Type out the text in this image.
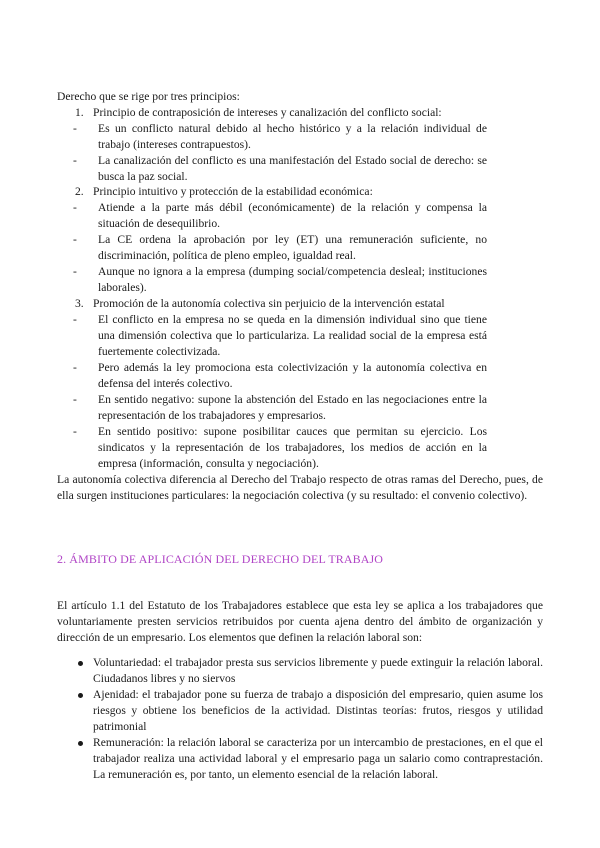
Derecho que se rige por tres principios:
1. Principio de contraposición de intereses y canalización del conflicto social:
- Es un conflicto natural debido al hecho histórico y a la relación individual de trabajo (intereses contrapuestos).
- La canalización del conflicto es una manifestación del Estado social de derecho: se busca la paz social.
2. Principio intuitivo y protección de la estabilidad económica:
- Atiende a la parte más débil (económicamente) de la relación y compensa la situación de desequilibrio.
- La CE ordena la aprobación por ley (ET) una remuneración suficiente, no discriminación, política de pleno empleo, igualdad real.
- Aunque no ignora a la empresa (dumping social/competencia desleal; instituciones laborales).
3. Promoción de la autonomía colectiva sin perjuicio de la intervención estatal
- El conflicto en la empresa no se queda en la dimensión individual sino que tiene una dimensión colectiva que lo particulariza. La realidad social de la empresa está fuertemente colectivizada.
- Pero además la ley promociona esta colectivización y la autonomía colectiva en defensa del interés colectivo.
- En sentido negativo: supone la abstención del Estado en las negociaciones entre la representación de los trabajadores y empresarios.
- En sentido positivo: supone posibilitar cauces que permitan su ejercicio. Los sindicatos y la representación de los trabajadores, los medios de acción en la empresa (información, consulta y negociación).
La autonomía colectiva diferencia al Derecho del Trabajo respecto de otras ramas del Derecho, pues, de ella surgen instituciones particulares: la negociación colectiva (y su resultado: el convenio colectivo).
2. ÁMBITO DE APLICACIÓN DEL DERECHO DEL TRABAJO
El artículo 1.1 del Estatuto de los Trabajadores establece que esta ley se aplica a los trabajadores que voluntariamente presten servicios retribuidos por cuenta ajena dentro del ámbito de organización y dirección de un empresario. Los elementos que definen la relación laboral son:
Voluntariedad: el trabajador presta sus servicios libremente y puede extinguir la relación laboral. Ciudadanos libres y no siervos
Ajenidad: el trabajador pone su fuerza de trabajo a disposición del empresario, quien asume los riesgos y obtiene los beneficios de la actividad. Distintas teorías: frutos, riesgos y utilidad patrimonial
Remuneración: la relación laboral se caracteriza por un intercambio de prestaciones, en el que el trabajador realiza una actividad laboral y el empresario paga un salario como contraprestación. La remuneración es, por tanto, un elemento esencial de la relación laboral.
